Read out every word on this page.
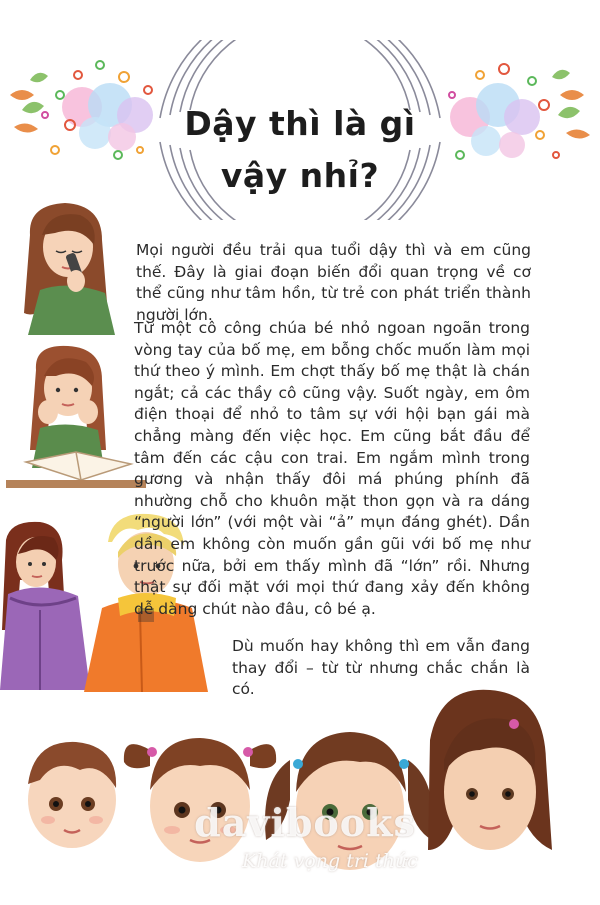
Dậy thì là gì
vậy nhỉ?

Mọi người đều trải qua tuổi dậy thì và em cũng thế. Đây là giai đoạn biến đổi quan trọng về cơ thể cũng như tâm hồn, từ trẻ con phát triển thành người lớn.

Từ một cô công chúa bé nhỏ ngoan ngoãn trong vòng tay của bố mẹ, em bỗng chốc muốn làm mọi thứ theo ý mình. Em chợt thấy bố mẹ thật là chán ngắt; cả các thầy cô cũng vậy. Suốt ngày, em ôm điện thoại để nhỏ to tâm sự với hội bạn gái mà chẳng màng đến việc học. Em cũng bắt đầu để tâm đến các cậu con trai. Em ngắm mình trong gương và nhận thấy đôi má phúng phính đã nhường chỗ cho khuôn mặt thon gọn và ra dáng “người lớn” (với một vài “ả” mụn đáng ghét). Dần dần em không còn muốn gần gũi với bố mẹ như trước nữa, bởi em thấy mình đã “lớn” rồi. Nhưng thật sự đối mặt với mọi thứ đang xảy đến không dễ dàng chút nào đâu, cô bé ạ.

Dù muốn hay không thì em vẫn đang thay đổi – từ từ nhưng chắc chắn là có.

davibooks
Khát vọng tri thức
